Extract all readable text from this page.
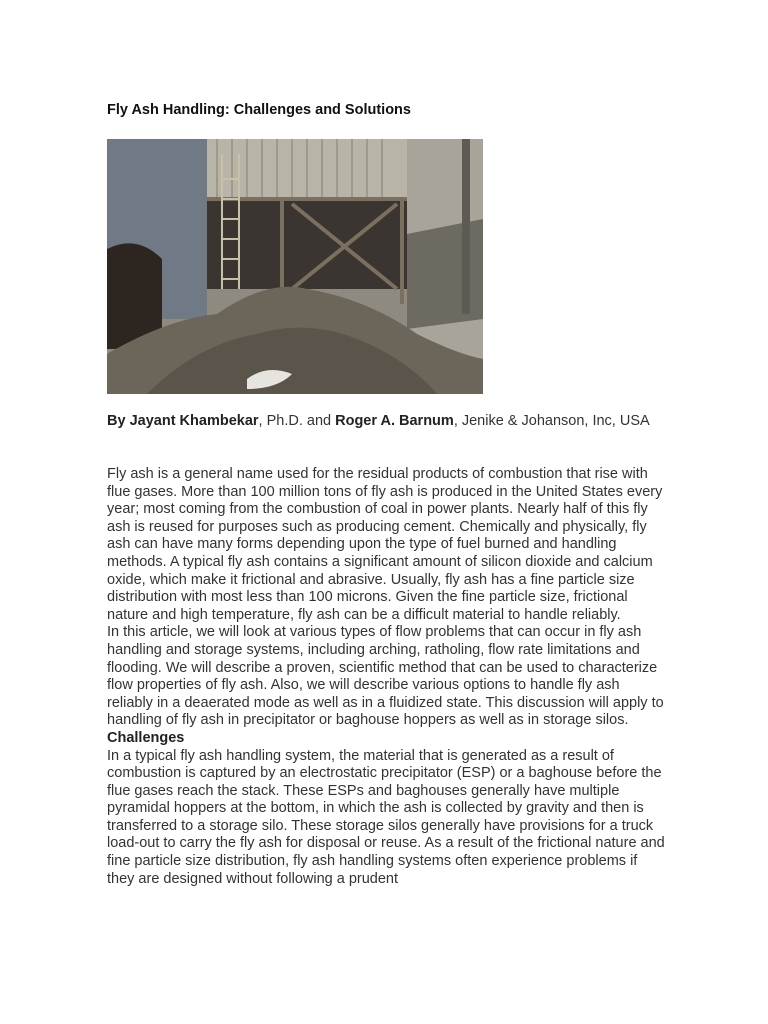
Fly Ash Handling: Challenges and Solutions
By Jayant Khambekar, Ph.D. and Roger A. Barnum, Jenike & Johanson, Inc, USA

Fly ash is a general name used for the residual products of combustion that rise with flue gases. More than 100 million tons of fly ash is produced in the United States every year; most coming from the combustion of coal in power plants. Nearly half of this fly ash is reused for purposes such as producing cement. Chemically and physically, fly ash can have many forms depending upon the type of fuel burned and handling methods. A typical fly ash contains a significant amount of silicon dioxide and calcium oxide, which make it frictional and abrasive. Usually, fly ash has a fine particle size distribution with most less than 100 microns. Given the fine particle size, frictional nature and high temperature, fly ash can be a difficult material to handle reliably.

In this article, we will look at various types of flow problems that can occur in fly ash handling and storage systems, including arching, ratholing, flow rate limitations and flooding. We will describe a proven, scientific method that can be used to characterize flow properties of fly ash. Also, we will describe various options to handle fly ash reliably in a deaerated mode as well as in a fluidized state. This discussion will apply to handling of fly ash in precipitator or baghouse hoppers as well as in storage silos.

Challenges

In a typical fly ash handling system, the material that is generated as a result of combustion is captured by an electrostatic precipitator (ESP) or a baghouse before the flue gases reach the stack. These ESPs and baghouses generally have multiple pyramidal hoppers at the bottom, in which the ash is collected by gravity and then is transferred to a storage silo. These storage silos generally have provisions for a truck load-out to carry the fly ash for disposal or reuse. As a result of the frictional nature and fine particle size distribution, fly ash handling systems often experience problems if they are designed without following a prudent
